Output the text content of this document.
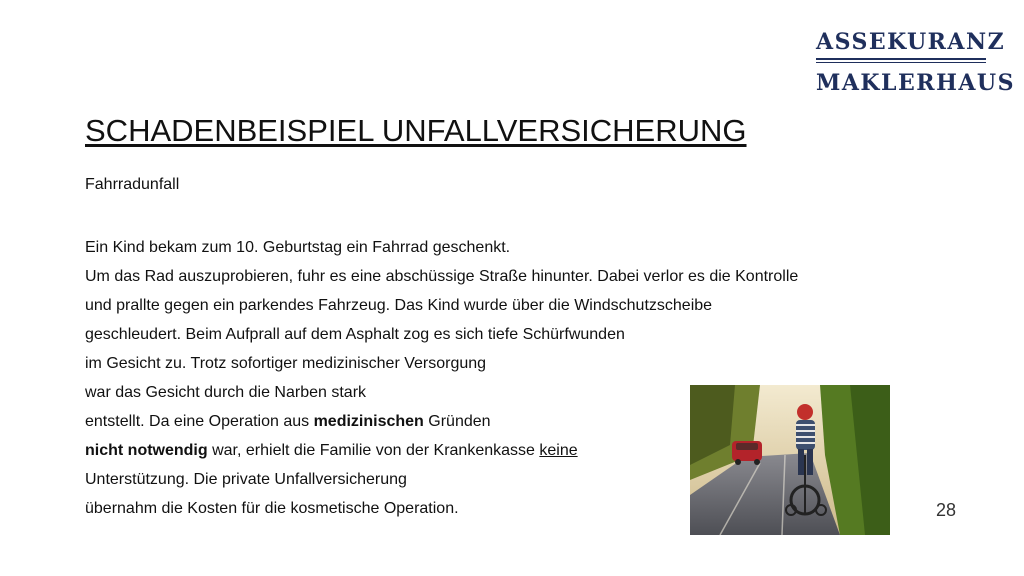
ASSEKURANZ
MAKLERHAUS
SCHADENBEISPIEL UNFALLVERSICHERUNG
Fahrradunfall

Ein Kind bekam zum 10. Geburtstag ein Fahrrad geschenkt.

Um das Rad auszuprobieren, fuhr es eine abschüssige Straße hinunter. Dabei verlor es die Kontrolle

und prallte gegen ein parkendes Fahrzeug. Das Kind wurde über die Windschutzscheibe

geschleudert. Beim Aufprall auf dem Asphalt zog es sich tiefe Schürfwunden

im Gesicht zu. Trotz sofortiger medizinischer Versorgung

war das Gesicht durch die Narben stark

entstellt. Da eine Operation aus medizinischen Gründen

nicht notwendig war, erhielt die Familie von der Krankenkasse keine

Unterstützung. Die private Unfallversicherung

übernahm die Kosten für die kosmetische Operation.	28
